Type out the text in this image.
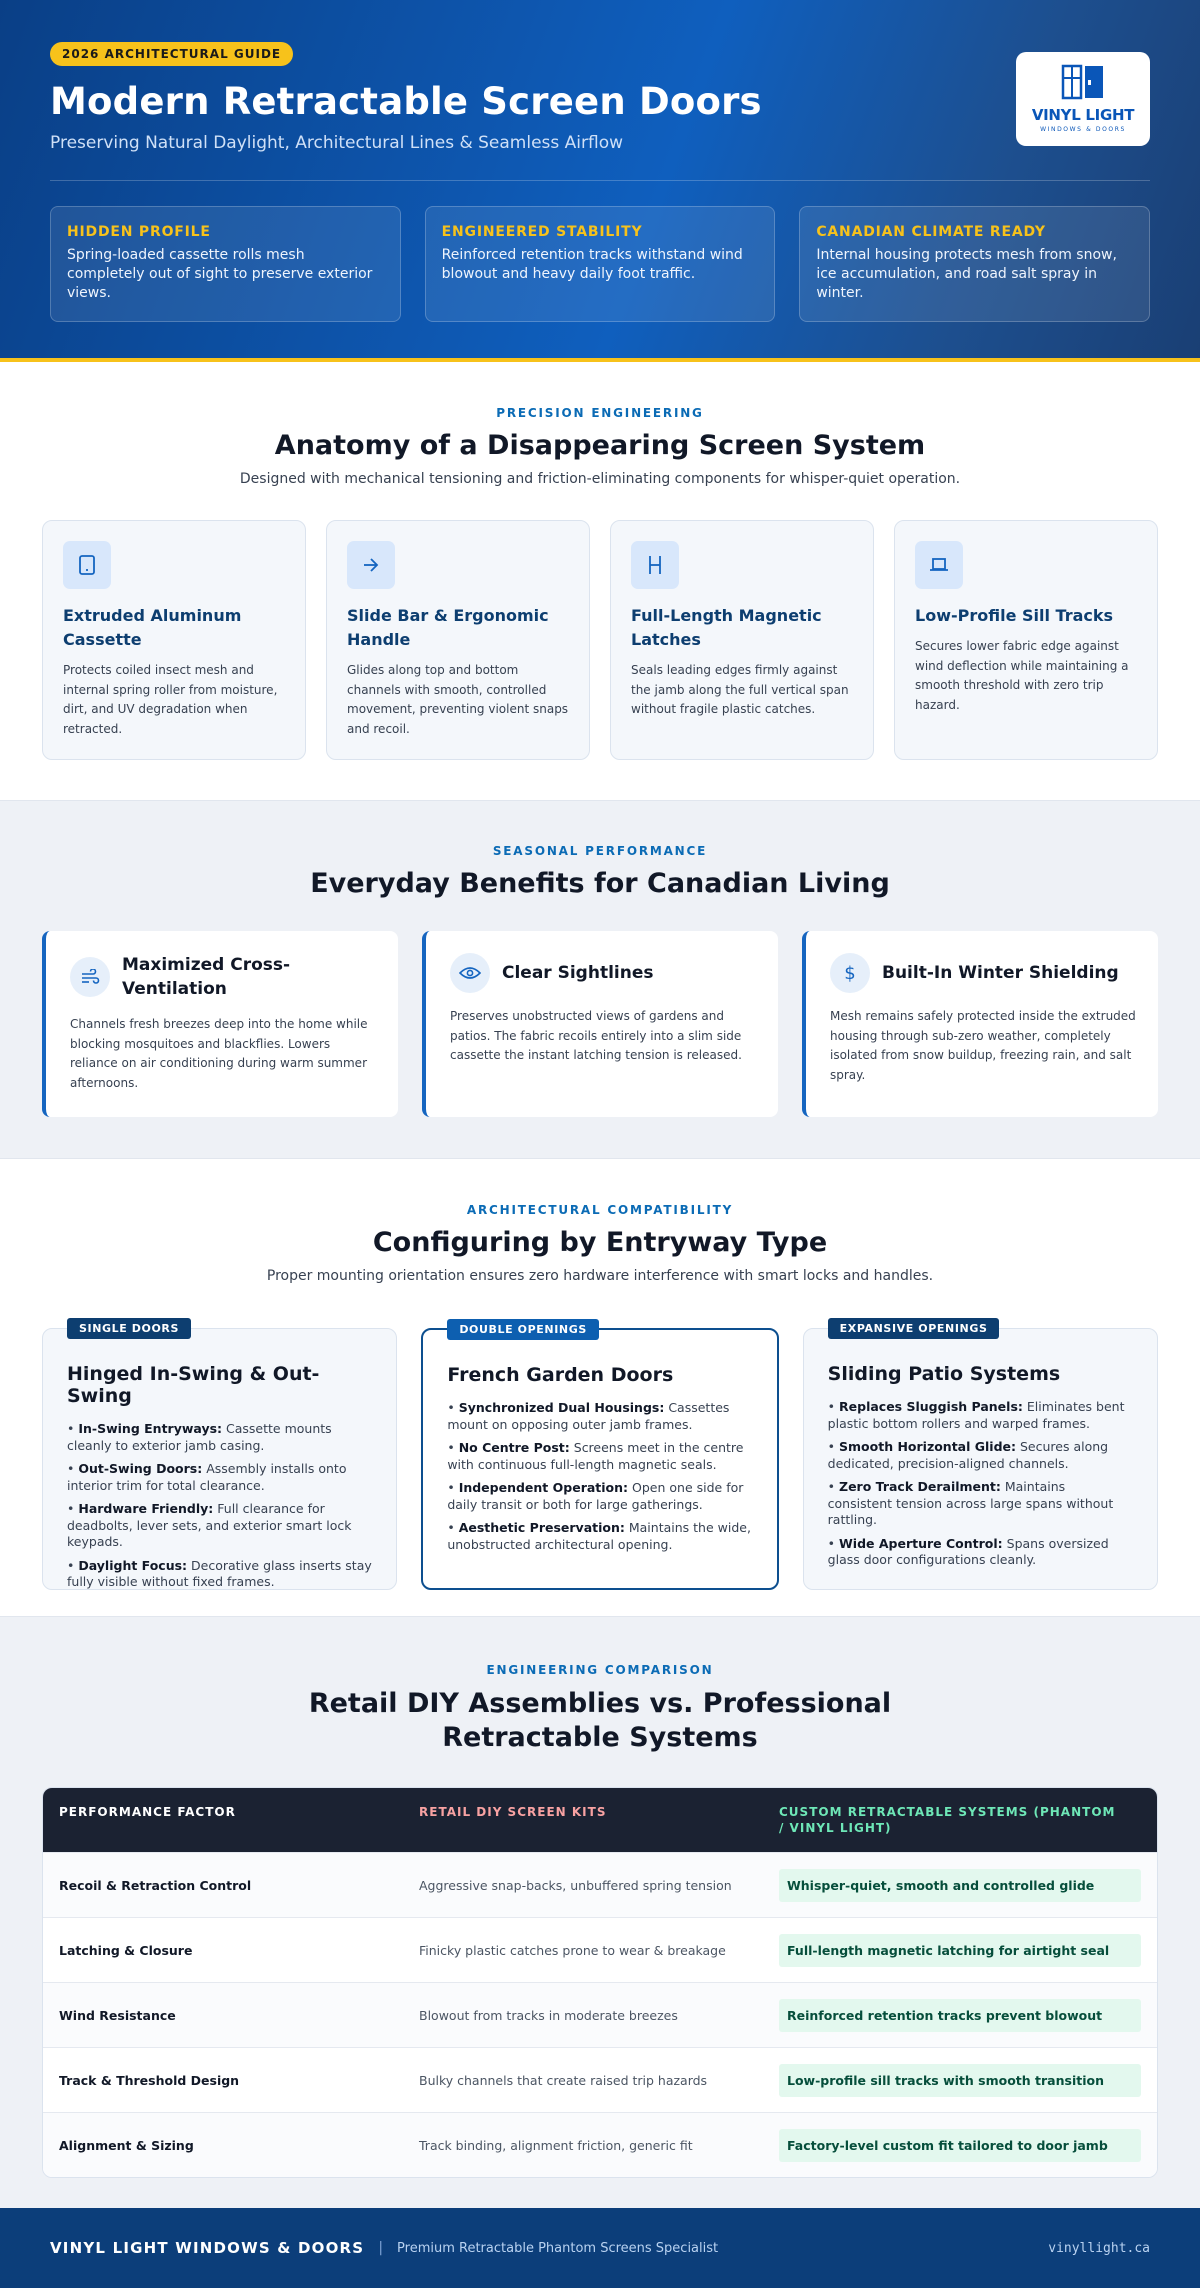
2026 ARCHITECTURAL GUIDE
Modern Retractable Screen Doors

Preserving Natural Daylight, Architectural Lines & Seamless Airflow

VINYL LIGHT
WINDOWS & DOORS
HIDDEN PROFILE
Spring-loaded cassette rolls mesh completely out of sight to preserve exterior views.
ENGINEERED STABILITY
Reinforced retention tracks withstand wind blowout and heavy daily foot traffic.
CANADIAN CLIMATE READY
Internal housing protects mesh from snow, ice accumulation, and road salt spray in winter.
PRECISION ENGINEERING
Anatomy of a Disappearing Screen System

Designed with mechanical tensioning and friction-eliminating components for whisper-quiet operation.

Extruded Aluminum Cassette
Protects coiled insect mesh and internal spring roller from moisture, dirt, and UV degradation when retracted.
Slide Bar & Ergonomic Handle
Glides along top and bottom channels with smooth, controlled movement, preventing violent snaps and recoil.
Full-Length Magnetic Latches
Seals leading edges firmly against the jamb along the full vertical span without fragile plastic catches.
Low-Profile Sill Tracks
Secures lower fabric edge against wind deflection while maintaining a smooth threshold with zero trip hazard.
SEASONAL PERFORMANCE
Everyday Benefits for Canadian Living
Maximized Cross-Ventilation
Channels fresh breezes deep into the home while blocking mosquitoes and blackflies. Lowers reliance on air conditioning during warm summer afternoons.
Clear Sightlines
Preserves unobstructed views of gardens and patios. The fabric recoils entirely into a slim side cassette the instant latching tension is released.
$	Built-In Winter Shielding
Mesh remains safely protected inside the extruded housing through sub-zero weather, completely isolated from snow buildup, freezing rain, and salt spray.
ARCHITECTURAL COMPATIBILITY
Configuring by Entryway Type

Proper mounting orientation ensures zero hardware interference with smart locks and handles.

SINGLE DOORS
Hinged In-Swing & Out-Swing
• In-Swing Entryways: Cassette mounts cleanly to exterior jamb casing.
• Out-Swing Doors: Assembly installs onto interior trim for total clearance.
• Hardware Friendly: Full clearance for deadbolts, lever sets, and exterior smart lock keypads.
• Daylight Focus: Decorative glass inserts stay fully visible without fixed frames.
DOUBLE OPENINGS
French Garden Doors
• Synchronized Dual Housings: Cassettes mount on opposing outer jamb frames.
• No Centre Post: Screens meet in the centre with continuous full-length magnetic seals.
• Independent Operation: Open one side for daily transit or both for large gatherings.
• Aesthetic Preservation: Maintains the wide, unobstructed architectural opening.
EXPANSIVE OPENINGS
Sliding Patio Systems
• Replaces Sluggish Panels: Eliminates bent plastic bottom rollers and warped frames.
• Smooth Horizontal Glide: Secures along dedicated, precision-aligned channels.
• Zero Track Derailment: Maintains consistent tension across large spans without rattling.
• Wide Aperture Control: Spans oversized glass door configurations cleanly.
ENGINEERING COMPARISON
Retail DIY Assemblies vs. Professional Retractable Systems
PERFORMANCE FACTOR	RETAIL DIY SCREEN KITS	CUSTOM RETRACTABLE SYSTEMS (PHANTOM / VINYL LIGHT)
Recoil & Retraction Control	Aggressive snap-backs, unbuffered spring tension	Whisper-quiet, smooth and controlled glide
Latching & Closure	Finicky plastic catches prone to wear & breakage	Full-length magnetic latching for airtight seal
Wind Resistance	Blowout from tracks in moderate breezes	Reinforced retention tracks prevent blowout
Track & Threshold Design	Bulky channels that create raised trip hazards	Low-profile sill tracks with smooth transition
Alignment & Sizing	Track binding, alignment friction, generic fit	Factory-level custom fit tailored to door jamb
VINYL LIGHT WINDOWS & DOORS | Premium Retractable Phantom Screens Specialist	vinyllight.ca
